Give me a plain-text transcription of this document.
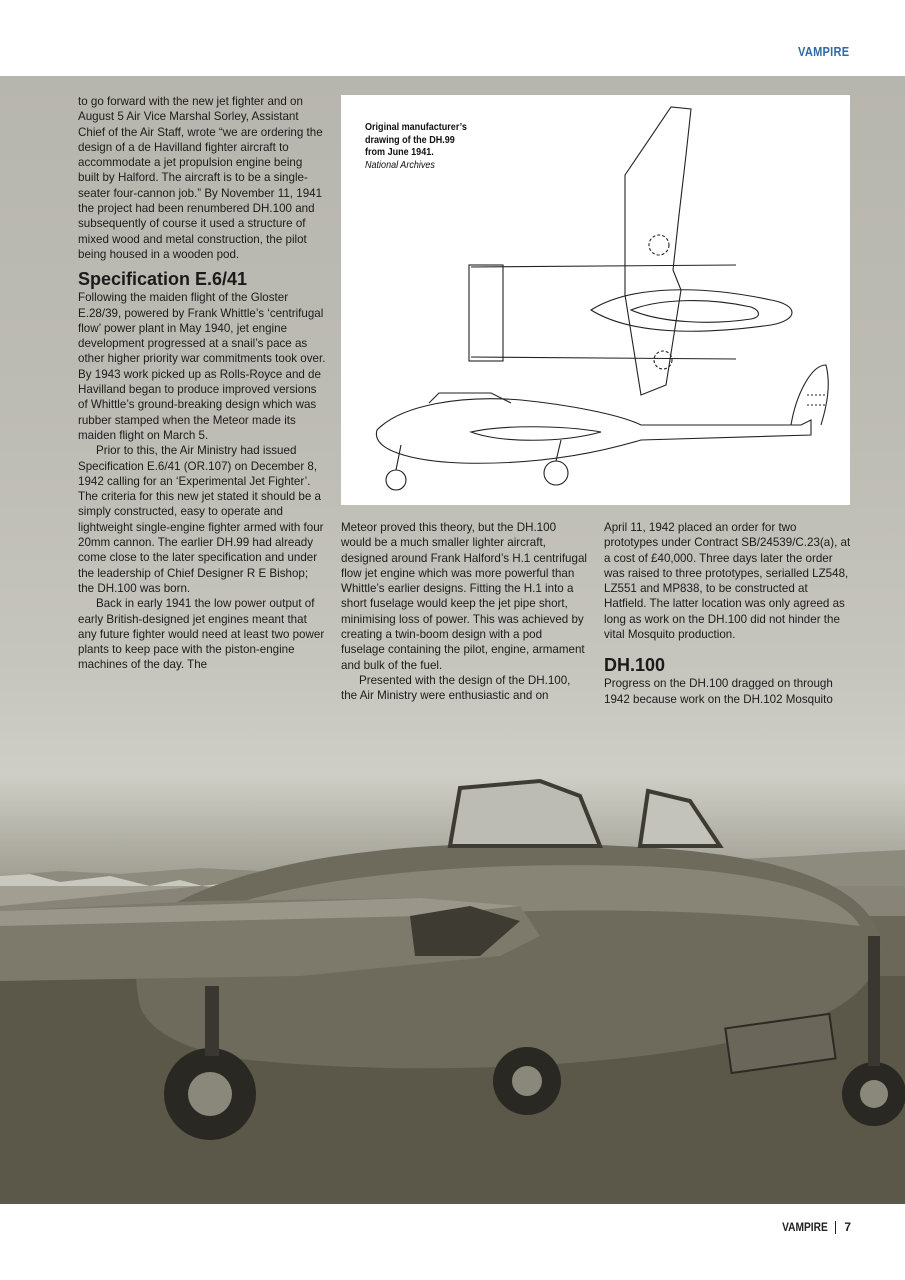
VAMPIRE
Original manufacturer’s
drawing of the DH.99
from June 1941.
National Archives

to go forward with the new jet fighter and on August 5 Air Vice Marshal Sorley, Assistant Chief of the Air Staff, wrote “we are ordering the design of a de Havilland fighter aircraft to accommodate a jet propulsion engine being built by Halford. The aircraft is to be a single-seater four-cannon job.” By November 11, 1941 the project had been renumbered DH.100 and subsequently of course it used a structure of mixed wood and metal construction, the pilot being housed in a wooden pod.

Specification E.6/41

Following the maiden flight of the Gloster E.28/39, powered by Frank Whittle’s ‘centrifugal flow’ power plant in May 1940, jet engine development progressed at a snail’s pace as other higher priority war commitments took over. By 1943 work picked up as Rolls-Royce and de Havilland began to produce improved versions of Whittle’s ground-breaking design which was rubber stamped when the Meteor made its maiden flight on March 5.

Prior to this, the Air Ministry had issued Specification E.6/41 (OR.107) on December 8, 1942 calling for an ‘Experimental Jet Fighter’. The criteria for this new jet stated it should be a simply constructed, easy to operate and lightweight single-engine fighter armed with four 20mm cannon. The earlier DH.99 had already come close to the later specification and under the leadership of Chief Designer R E Bishop; the DH.100 was born.

Back in early 1941 the low power output of early British-designed jet engines meant that any future fighter would need at least two power plants to keep pace with the piston-engine machines of the day. The

Meteor proved this theory, but the DH.100 would be a much smaller lighter aircraft, designed around Frank Halford’s H.1 centrifugal flow jet engine which was more powerful than Whittle’s earlier designs. Fitting the H.1 into a short fuselage would keep the jet pipe short, minimising loss of power. This was achieved by creating a twin-boom design with a pod fuselage containing the pilot, engine, armament and bulk of the fuel.

Presented with the design of the DH.100, the Air Ministry were enthusiastic and on

April 11, 1942 placed an order for two prototypes under Contract SB/24539/C.23(a), at a cost of £40,000. Three days later the order was raised to three prototypes, serialled LZ548, LZ551 and MP838, to be constructed at Hatfield. The latter location was only agreed as long as work on the DH.100 did not hinder the vital Mosquito production.

DH.100

Progress on the DH.100 dragged on through 1942 because work on the DH.102 Mosquito

VAMPIRE 7
